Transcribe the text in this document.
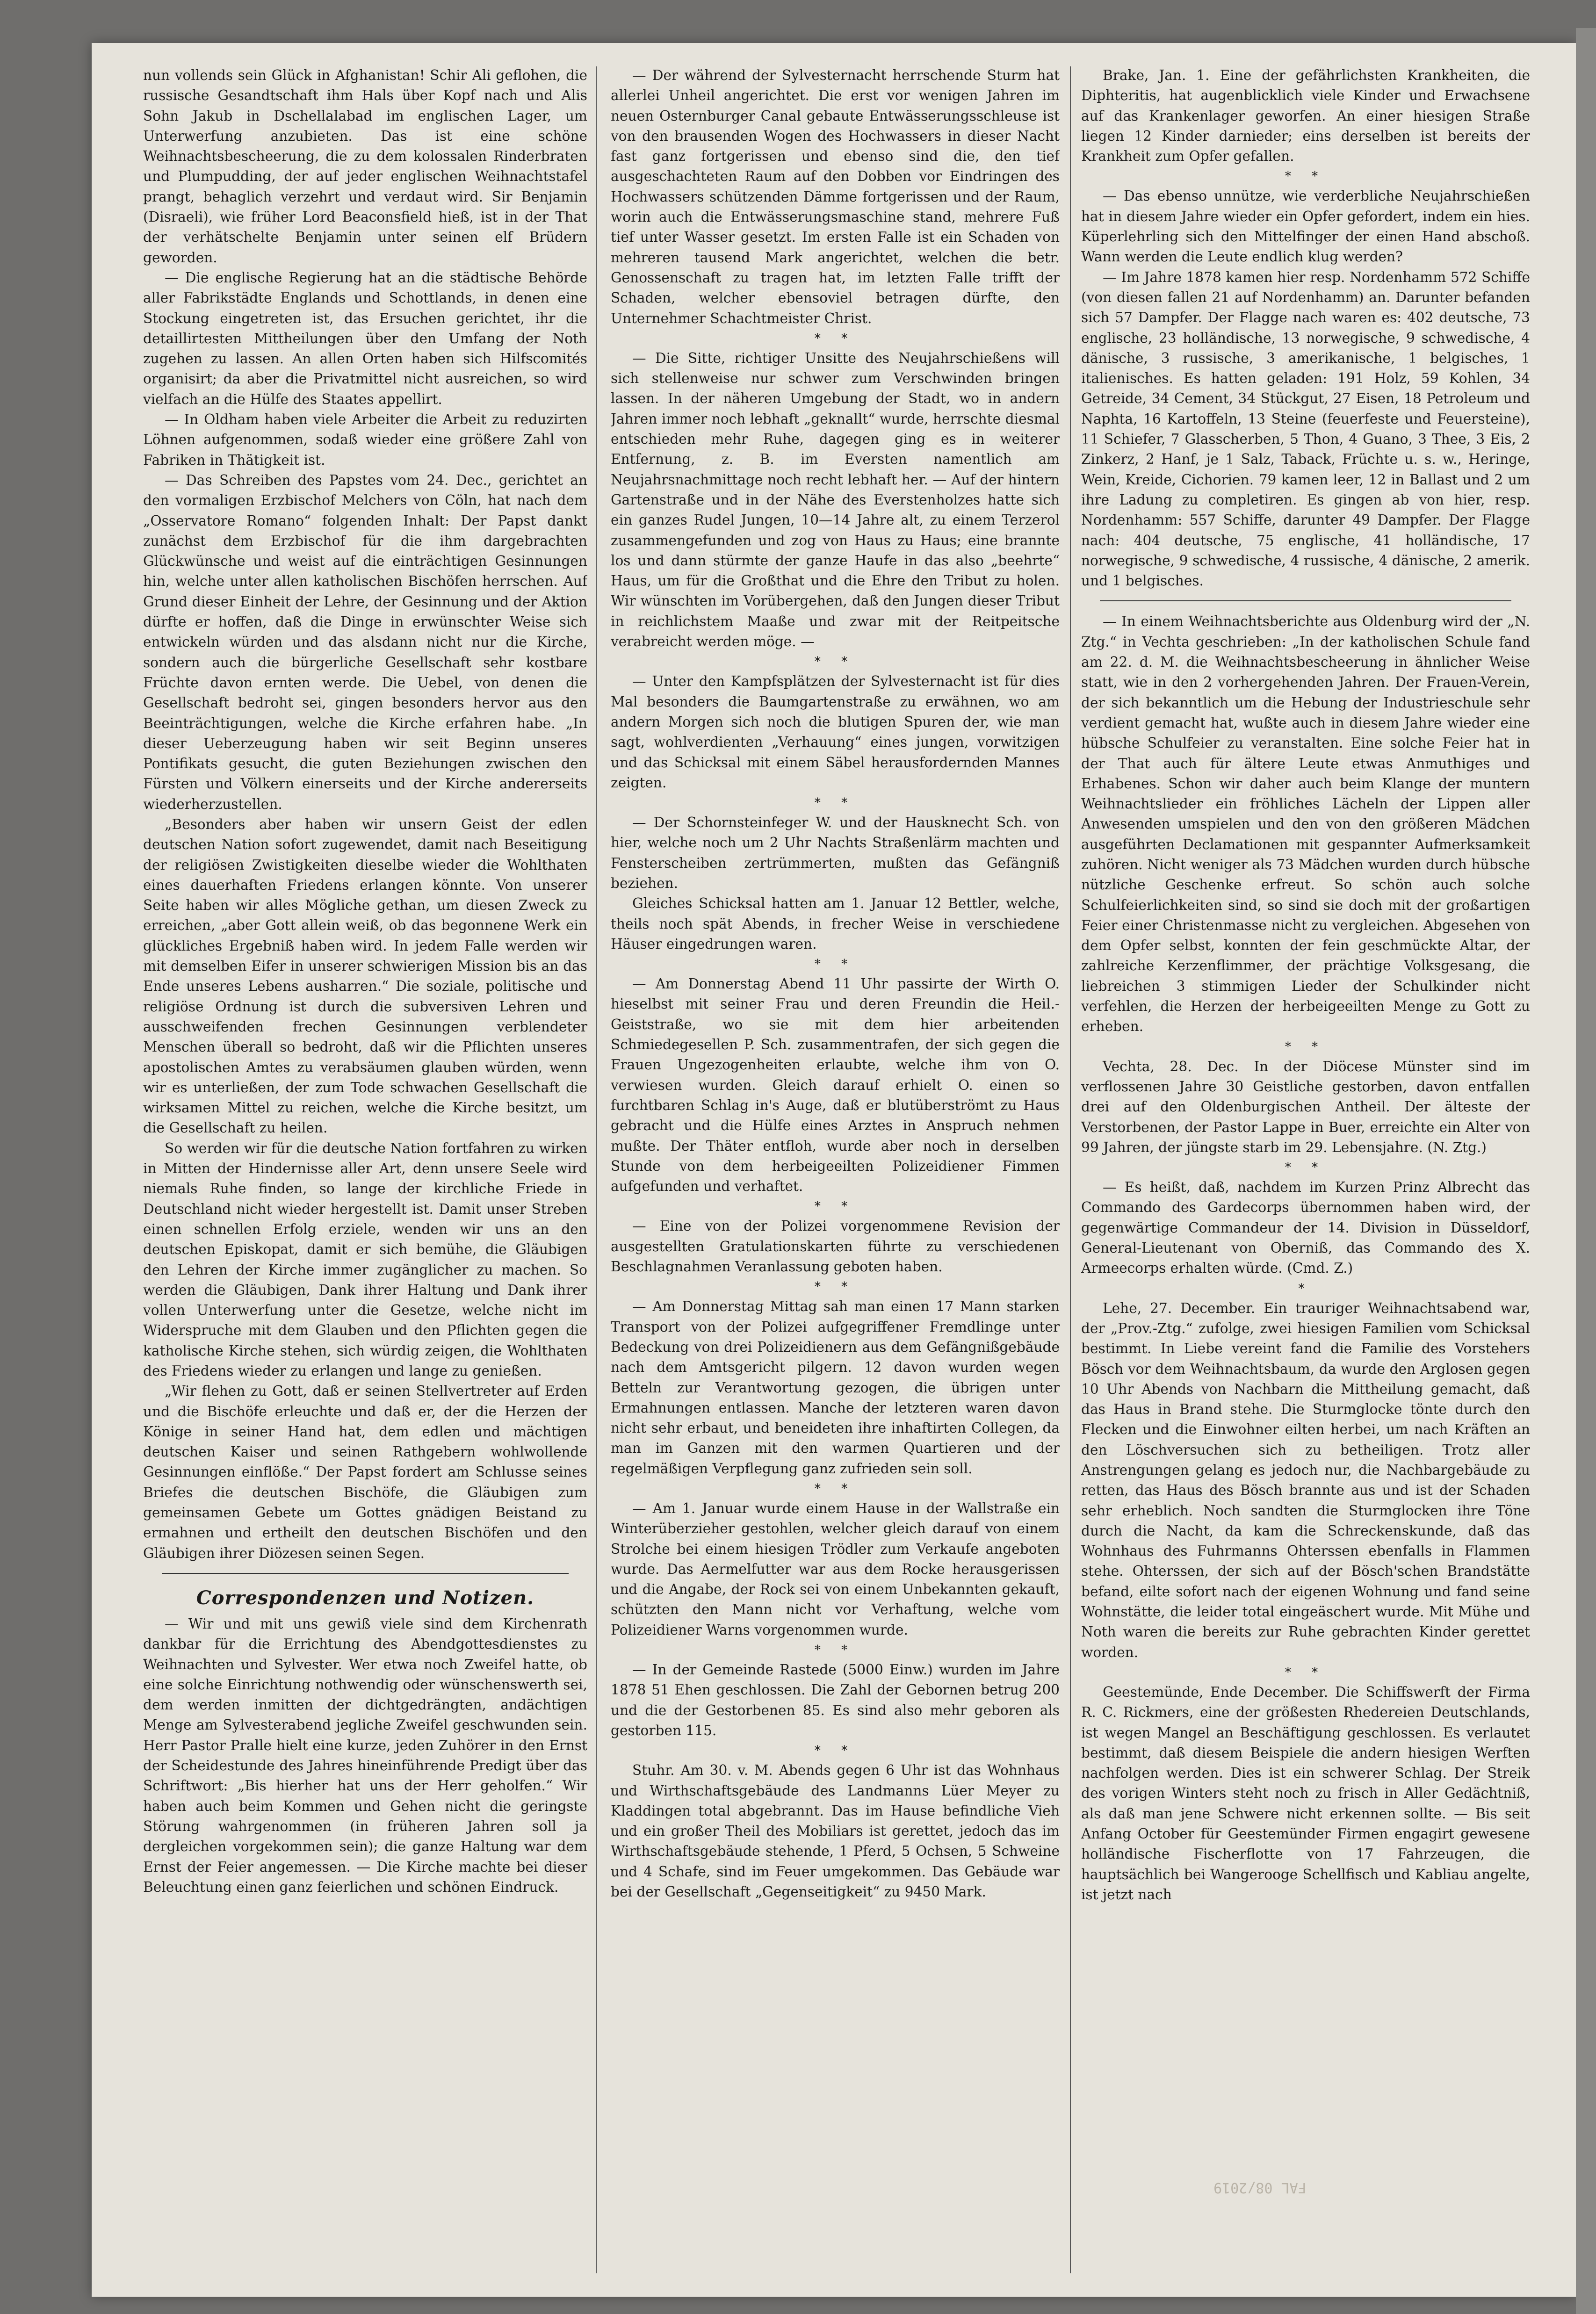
nun vollends sein Glück in Afghanistan! Schir Ali geflohen, die russische Gesandtschaft ihm Hals über Kopf nach und Alis Sohn Jakub in Dschellalabad im englischen Lager, um Unterwerfung anzubieten. Das ist eine schöne Weihnachtsbescheerung, die zu dem kolossalen Rinderbraten und Plumpudding, der auf jeder englischen Weihnachtstafel prangt, behaglich verzehrt und verdaut wird. Sir Benjamin (Disraeli), wie früher Lord Beaconsfield hieß, ist in der That der verhätschelte Benjamin unter seinen elf Brüdern geworden.

— Die englische Regierung hat an die städtische Behörde aller Fabrikstädte Englands und Schottlands, in denen eine Stockung eingetreten ist, das Ersuchen gerichtet, ihr die detaillirtesten Mittheilungen über den Umfang der Noth zugehen zu lassen. An allen Orten haben sich Hilfscomités organisirt; da aber die Privatmittel nicht ausreichen, so wird vielfach an die Hülfe des Staates appellirt.

— In Oldham haben viele Arbeiter die Arbeit zu reduzirten Löhnen aufgenommen, sodaß wieder eine größere Zahl von Fabriken in Thätigkeit ist.

— Das Schreiben des Papstes vom 24. Dec., gerichtet an den vormaligen Erzbischof Melchers von Cöln, hat nach dem „Osservatore Romano“ folgenden Inhalt: Der Papst dankt zunächst dem Erzbischof für die ihm dargebrachten Glückwünsche und weist auf die einträchtigen Gesinnungen hin, welche unter allen katholischen Bischöfen herrschen. Auf Grund dieser Einheit der Lehre, der Gesinnung und der Aktion dürfte er hoffen, daß die Dinge in erwünschter Weise sich entwickeln würden und das alsdann nicht nur die Kirche, sondern auch die bürgerliche Gesellschaft sehr kostbare Früchte davon ernten werde. Die Uebel, von denen die Gesellschaft bedroht sei, gingen besonders hervor aus den Beeinträchtigungen, welche die Kirche erfahren habe. „In dieser Ueberzeugung haben wir seit Beginn unseres Pontifikats gesucht, die guten Beziehungen zwischen den Fürsten und Völkern einerseits und der Kirche andererseits wiederherzustellen.

„Besonders aber haben wir unsern Geist der edlen deutschen Nation sofort zugewendet, damit nach Beseitigung der religiösen Zwistigkeiten dieselbe wieder die Wohlthaten eines dauerhaften Friedens erlangen könnte. Von unserer Seite haben wir alles Mögliche gethan, um diesen Zweck zu erreichen, „aber Gott allein weiß, ob das begonnene Werk ein glückliches Ergebniß haben wird. In jedem Falle werden wir mit demselben Eifer in unserer schwierigen Mission bis an das Ende unseres Lebens ausharren.“ Die soziale, politische und religiöse Ordnung ist durch die subversiven Lehren und ausschweifenden frechen Gesinnungen verblendeter Menschen überall so bedroht, daß wir die Pflichten unseres apostolischen Amtes zu verabsäumen glauben würden, wenn wir es unterließen, der zum Tode schwachen Gesellschaft die wirksamen Mittel zu reichen, welche die Kirche besitzt, um die Gesellschaft zu heilen.

So werden wir für die deutsche Nation fortfahren zu wirken in Mitten der Hindernisse aller Art, denn unsere Seele wird niemals Ruhe finden, so lange der kirchliche Friede in Deutschland nicht wieder hergestellt ist. Damit unser Streben einen schnellen Erfolg erziele, wenden wir uns an den deutschen Episkopat, damit er sich bemühe, die Gläubigen den Lehren der Kirche immer zugänglicher zu machen. So werden die Gläubigen, Dank ihrer Haltung und Dank ihrer vollen Unterwerfung unter die Gesetze, welche nicht im Widerspruche mit dem Glauben und den Pflichten gegen die katholische Kirche stehen, sich würdig zeigen, die Wohlthaten des Friedens wieder zu erlangen und lange zu genießen.

„Wir flehen zu Gott, daß er seinen Stellvertreter auf Erden und die Bischöfe erleuchte und daß er, der die Herzen der Könige in seiner Hand hat, dem edlen und mächtigen deutschen Kaiser und seinen Rathgebern wohlwollende Gesinnungen einflöße.“ Der Papst fordert am Schlusse seines Briefes die deutschen Bischöfe, die Gläubigen zum gemeinsamen Gebete um Gottes gnädigen Beistand zu ermahnen und ertheilt den deutschen Bischöfen und den Gläubigen ihrer Diözesen seinen Segen.

Correspondenzen und Notizen.

— Wir und mit uns gewiß viele sind dem Kirchenrath dankbar für die Errichtung des Abendgottesdienstes zu Weihnachten und Sylvester. Wer etwa noch Zweifel hatte, ob eine solche Einrichtung nothwendig oder wünschenswerth sei, dem werden inmitten der dichtgedrängten, andächtigen Menge am Sylvesterabend jegliche Zweifel geschwunden sein. Herr Pastor Pralle hielt eine kurze, jeden Zuhörer in den Ernst der Scheidestunde des Jahres hineinführende Predigt über das Schriftwort: „Bis hierher hat uns der Herr geholfen.“ Wir haben auch beim Kommen und Gehen nicht die geringste Störung wahrgenommen (in früheren Jahren soll ja dergleichen vorgekommen sein); die ganze Haltung war dem Ernst der Feier angemessen. — Die Kirche machte bei dieser Beleuchtung einen ganz feierlichen und schönen Eindruck.

— Der während der Sylvesternacht herrschende Sturm hat allerlei Unheil angerichtet. Die erst vor wenigen Jahren im neuen Osternburger Canal gebaute Entwässerungsschleuse ist von den brausenden Wogen des Hochwassers in dieser Nacht fast ganz fortgerissen und ebenso sind die, den tief ausgeschachteten Raum auf den Dobben vor Eindringen des Hochwassers schützenden Dämme fortgerissen und der Raum, worin auch die Entwässerungsmaschine stand, mehrere Fuß tief unter Wasser gesetzt. Im ersten Falle ist ein Schaden von mehreren tausend Mark angerichtet, welchen die betr. Genossenschaft zu tragen hat, im letzten Falle trifft der Schaden, welcher ebensoviel betragen dürfte, den Unternehmer Schachtmeister Christ.

* *

— Die Sitte, richtiger Unsitte des Neujahrschießens will sich stellenweise nur schwer zum Verschwinden bringen lassen. In der näheren Umgebung der Stadt, wo in andern Jahren immer noch lebhaft „geknallt“ wurde, herrschte diesmal entschieden mehr Ruhe, dagegen ging es in weiterer Entfernung, z. B. im Eversten namentlich am Neujahrsnachmittage noch recht lebhaft her. — Auf der hintern Gartenstraße und in der Nähe des Everstenholzes hatte sich ein ganzes Rudel Jungen, 10—14 Jahre alt, zu einem Terzerol zusammengefunden und zog von Haus zu Haus; eine brannte los und dann stürmte der ganze Haufe in das also „beehrte“ Haus, um für die Großthat und die Ehre den Tribut zu holen. Wir wünschten im Vorübergehen, daß den Jungen dieser Tribut in reichlichstem Maaße und zwar mit der Reitpeitsche verabreicht werden möge. —

* *

— Unter den Kampfsplätzen der Sylvesternacht ist für dies Mal besonders die Baumgartenstraße zu erwähnen, wo am andern Morgen sich noch die blutigen Spuren der, wie man sagt, wohlverdienten „Verhauung“ eines jungen, vorwitzigen und das Schicksal mit einem Säbel herausfordernden Mannes zeigten.

* *

— Der Schornsteinfeger W. und der Hausknecht Sch. von hier, welche noch um 2 Uhr Nachts Straßenlärm machten und Fensterscheiben zertrümmerten, mußten das Gefängniß beziehen.

Gleiches Schicksal hatten am 1. Januar 12 Bettler, welche, theils noch spät Abends, in frecher Weise in verschiedene Häuser eingedrungen waren.

* *

— Am Donnerstag Abend 11 Uhr passirte der Wirth O. hieselbst mit seiner Frau und deren Freundin die Heil.-Geiststraße, wo sie mit dem hier arbeitenden Schmiedegesellen P. Sch. zusammentrafen, der sich gegen die Frauen Ungezogenheiten erlaubte, welche ihm von O. verwiesen wurden. Gleich darauf erhielt O. einen so furchtbaren Schlag in's Auge, daß er blutüberströmt zu Haus gebracht und die Hülfe eines Arztes in Anspruch nehmen mußte. Der Thäter entfloh, wurde aber noch in derselben Stunde von dem herbeigeeilten Polizeidiener Fimmen aufgefunden und verhaftet.

* *

— Eine von der Polizei vorgenommene Revision der ausgestellten Gratulationskarten führte zu verschiedenen Beschlagnahmen Veranlassung geboten haben.

* *

— Am Donnerstag Mittag sah man einen 17 Mann starken Transport von der Polizei aufgegriffener Fremdlinge unter Bedeckung von drei Polizeidienern aus dem Gefängnißgebäude nach dem Amtsgericht pilgern. 12 davon wurden wegen Betteln zur Verantwortung gezogen, die übrigen unter Ermahnungen entlassen. Manche der letzteren waren davon nicht sehr erbaut, und beneideten ihre inhaftirten Collegen, da man im Ganzen mit den warmen Quartieren und der regelmäßigen Verpflegung ganz zufrieden sein soll.

* *

— Am 1. Januar wurde einem Hause in der Wallstraße ein Winterüberzieher gestohlen, welcher gleich darauf von einem Strolche bei einem hiesigen Trödler zum Verkaufe angeboten wurde. Das Aermelfutter war aus dem Rocke herausgerissen und die Angabe, der Rock sei von einem Unbekannten gekauft, schützten den Mann nicht vor Verhaftung, welche vom Polizeidiener Warns vorgenommen wurde.

* *

— In der Gemeinde Rastede (5000 Einw.) wurden im Jahre 1878 51 Ehen geschlossen. Die Zahl der Gebornen betrug 200 und die der Gestorbenen 85. Es sind also mehr geboren als gestorben 115.

* *

Stuhr. Am 30. v. M. Abends gegen 6 Uhr ist das Wohnhaus und Wirthschaftsgebäude des Landmanns Lüer Meyer zu Kladdingen total abgebrannt. Das im Hause befindliche Vieh und ein großer Theil des Mobiliars ist gerettet, jedoch das im Wirthschaftsgebäude stehende, 1 Pferd, 5 Ochsen, 5 Schweine und 4 Schafe, sind im Feuer umgekommen. Das Gebäude war bei der Gesellschaft „Gegenseitigkeit“ zu 9450 Mark.

Brake, Jan. 1. Eine der gefährlichsten Krankheiten, die Diphteritis, hat augenblicklich viele Kinder und Erwachsene auf das Krankenlager geworfen. An einer hiesigen Straße liegen 12 Kinder darnieder; eins derselben ist bereits der Krankheit zum Opfer gefallen.

* *

— Das ebenso unnütze, wie verderbliche Neujahrschießen hat in diesem Jahre wieder ein Opfer gefordert, indem ein hies. Küperlehrling sich den Mittelfinger der einen Hand abschoß. Wann werden die Leute endlich klug werden?

— Im Jahre 1878 kamen hier resp. Nordenhamm 572 Schiffe (von diesen fallen 21 auf Nordenhamm) an. Darunter befanden sich 57 Dampfer. Der Flagge nach waren es: 402 deutsche, 73 englische, 23 holländische, 13 norwegische, 9 schwedische, 4 dänische, 3 russische, 3 amerikanische, 1 belgisches, 1 italienisches. Es hatten geladen: 191 Holz, 59 Kohlen, 34 Getreide, 34 Cement, 34 Stückgut, 27 Eisen, 18 Petroleum und Naphta, 16 Kartoffeln, 13 Steine (feuerfeste und Feuersteine), 11 Schiefer, 7 Glasscherben, 5 Thon, 4 Guano, 3 Thee, 3 Eis, 2 Zinkerz, 2 Hanf, je 1 Salz, Taback, Früchte u. s. w., Heringe, Wein, Kreide, Cichorien. 79 kamen leer, 12 in Ballast und 2 um ihre Ladung zu completiren. Es gingen ab von hier, resp. Nordenhamm: 557 Schiffe, darunter 49 Dampfer. Der Flagge nach: 404 deutsche, 75 englische, 41 holländische, 17 norwegische, 9 schwedische, 4 russische, 4 dänische, 2 amerik. und 1 belgisches.

— In einem Weihnachtsberichte aus Oldenburg wird der „N. Ztg.“ in Vechta geschrieben: „In der katholischen Schule fand am 22. d. M. die Weihnachtsbescheerung in ähnlicher Weise statt, wie in den 2 vorhergehenden Jahren. Der Frauen-Verein, der sich bekanntlich um die Hebung der Industrieschule sehr verdient gemacht hat, wußte auch in diesem Jahre wieder eine hübsche Schulfeier zu veranstalten. Eine solche Feier hat in der That auch für ältere Leute etwas Anmuthiges und Erhabenes. Schon wir daher auch beim Klange der muntern Weihnachtslieder ein fröhliches Lächeln der Lippen aller Anwesenden umspielen und den von den größeren Mädchen ausgeführten Declamationen mit gespannter Aufmerksamkeit zuhören. Nicht weniger als 73 Mädchen wurden durch hübsche nützliche Geschenke erfreut. So schön auch solche Schulfeierlichkeiten sind, so sind sie doch mit der großartigen Feier einer Christenmasse nicht zu vergleichen. Abgesehen von dem Opfer selbst, konnten der fein geschmückte Altar, der zahlreiche Kerzenflimmer, der prächtige Volksgesang, die liebreichen 3 stimmigen Lieder der Schulkinder nicht verfehlen, die Herzen der herbeigeeilten Menge zu Gott zu erheben.

* *

Vechta, 28. Dec. In der Diöcese Münster sind im verflossenen Jahre 30 Geistliche gestorben, davon entfallen drei auf den Oldenburgischen Antheil. Der älteste der Verstorbenen, der Pastor Lappe in Buer, erreichte ein Alter von 99 Jahren, der jüngste starb im 29. Lebensjahre. (N. Ztg.)

* *

— Es heißt, daß, nachdem im Kurzen Prinz Albrecht das Commando des Gardecorps übernommen haben wird, der gegenwärtige Commandeur der 14. Division in Düsseldorf, General-Lieutenant von Oberniß, das Commando des X. Armeecorps erhalten würde. (Cmd. Z.)

*

Lehe, 27. December. Ein trauriger Weihnachtsabend war, der „Prov.-Ztg.“ zufolge, zwei hiesigen Familien vom Schicksal bestimmt. In Liebe vereint fand die Familie des Vorstehers Bösch vor dem Weihnachtsbaum, da wurde den Arglosen gegen 10 Uhr Abends von Nachbarn die Mittheilung gemacht, daß das Haus in Brand stehe. Die Sturmglocke tönte durch den Flecken und die Einwohner eilten herbei, um nach Kräften an den Löschversuchen sich zu betheiligen. Trotz aller Anstrengungen gelang es jedoch nur, die Nachbargebäude zu retten, das Haus des Bösch brannte aus und ist der Schaden sehr erheblich. Noch sandten die Sturmglocken ihre Töne durch die Nacht, da kam die Schreckenskunde, daß das Wohnhaus des Fuhrmanns Ohterssen ebenfalls in Flammen stehe. Ohterssen, der sich auf der Bösch'schen Brandstätte befand, eilte sofort nach der eigenen Wohnung und fand seine Wohnstätte, die leider total eingeäschert wurde. Mit Mühe und Noth waren die bereits zur Ruhe gebrachten Kinder gerettet worden.

* *

Geestemünde, Ende December. Die Schiffswerft der Firma R. C. Rickmers, eine der größesten Rhedereien Deutschlands, ist wegen Mangel an Beschäftigung geschlossen. Es verlautet bestimmt, daß diesem Beispiele die andern hiesigen Werften nachfolgen werden. Dies ist ein schwerer Schlag. Der Streik des vorigen Winters steht noch zu frisch in Aller Gedächtniß, als daß man jene Schwere nicht erkennen sollte. — Bis seit Anfang October für Geestemünder Firmen engagirt gewesene holländische Fischerflotte von 17 Fahrzeugen, die hauptsächlich bei Wangerooge Schellfisch und Kabliau angelte, ist jetzt nach

FAL 08/2019
